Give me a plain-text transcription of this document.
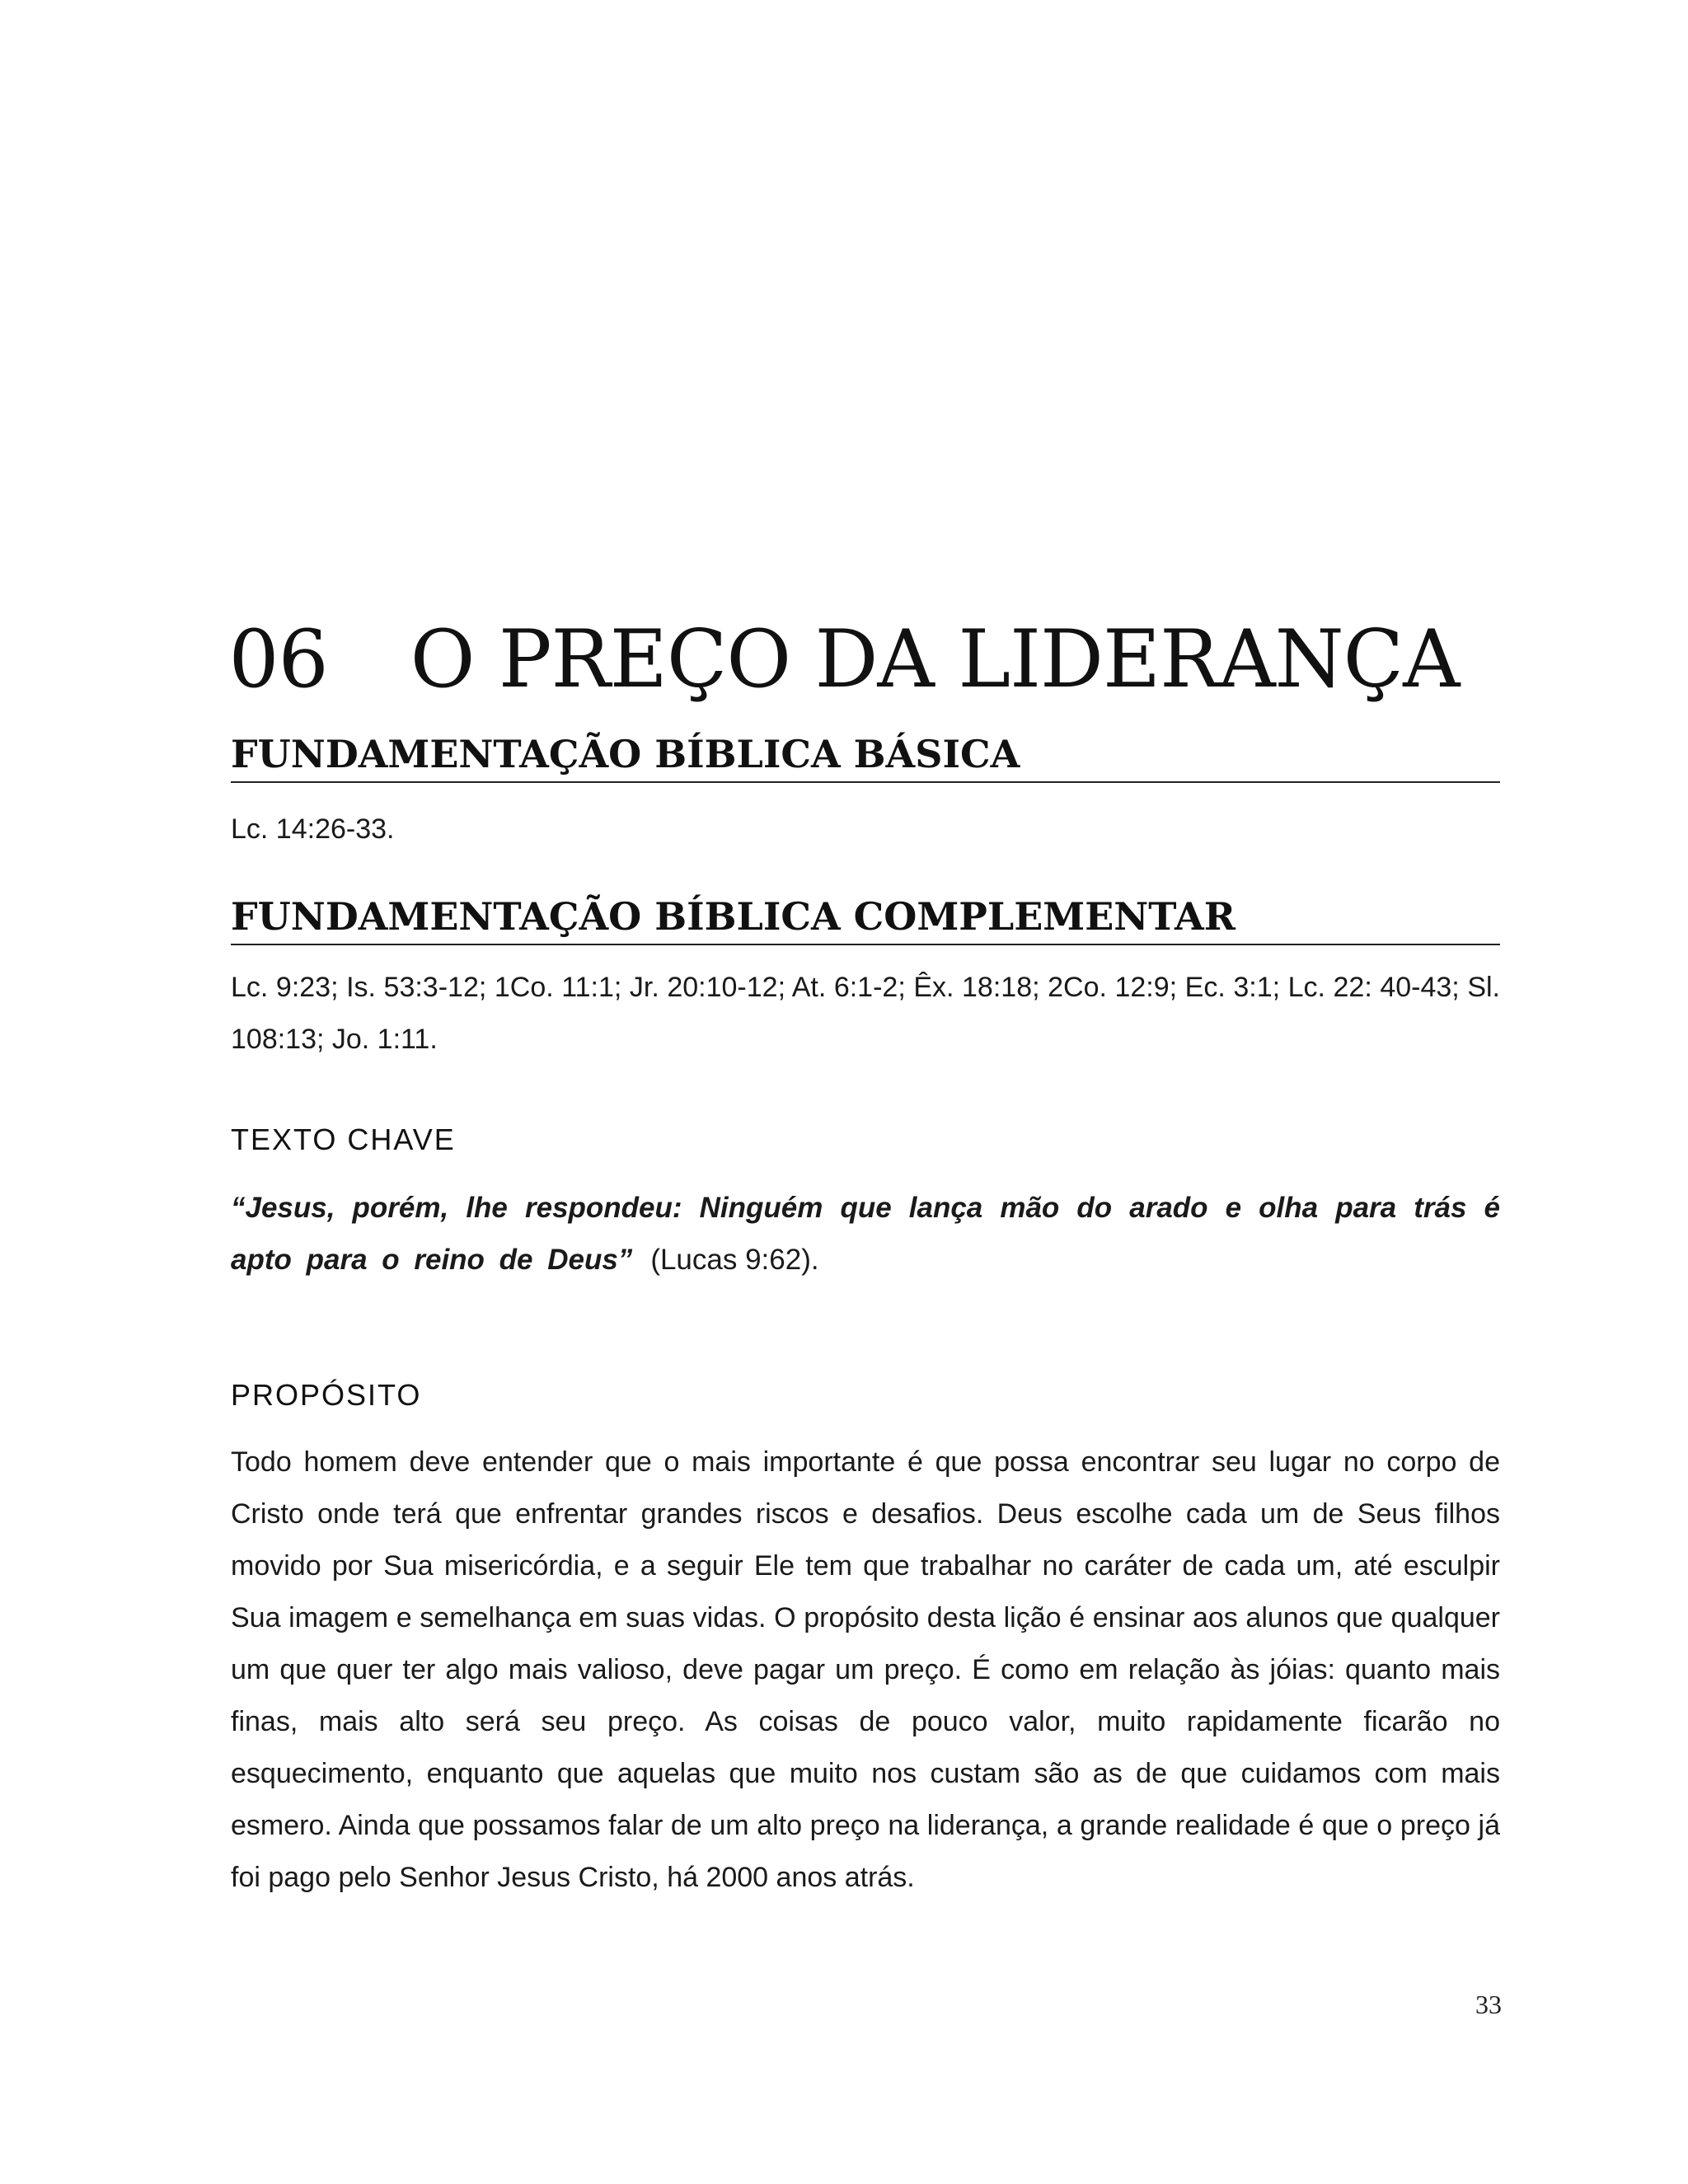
06 O PREÇO DA LIDERANÇA
FUNDAMENTAÇÃO BÍBLICA BÁSICA
Lc. 14:26-33.
FUNDAMENTAÇÃO BÍBLICA COMPLEMENTAR
Lc. 9:23; Is. 53:3-12; 1Co. 11:1; Jr. 20:10-12; At. 6:1-2; Êx. 18:18; 2Co. 12:9; Ec. 3:1; Lc. 22: 40-43; Sl. 108:13; Jo. 1:11.
TEXTO CHAVE
“Jesus, porém, lhe respondeu: Ninguém que lança mão do arado e olha para trás é apto para o reino de Deus” (Lucas 9:62).
PROPÓSITO
Todo homem deve entender que o mais importante é que possa encontrar seu lugar no corpo de Cristo onde terá que enfrentar grandes riscos e desafios. Deus escolhe cada um de Seus filhos movido por Sua misericórdia, e a seguir Ele tem que trabalhar no caráter de cada um, até esculpir Sua imagem e semelhança em suas vidas. O propósito desta lição é ensinar aos alunos que qualquer um que quer ter algo mais valioso, deve pagar um preço. É como em relação às jóias: quanto mais finas, mais alto será seu preço. As coisas de pouco valor, muito rapidamente ficarão no esquecimento, enquanto que aquelas que muito nos custam são as de que cuidamos com mais esmero. Ainda que possamos falar de um alto preço na liderança, a grande realidade é que o preço já foi pago pelo Senhor Jesus Cristo, há 2000 anos atrás.
33
